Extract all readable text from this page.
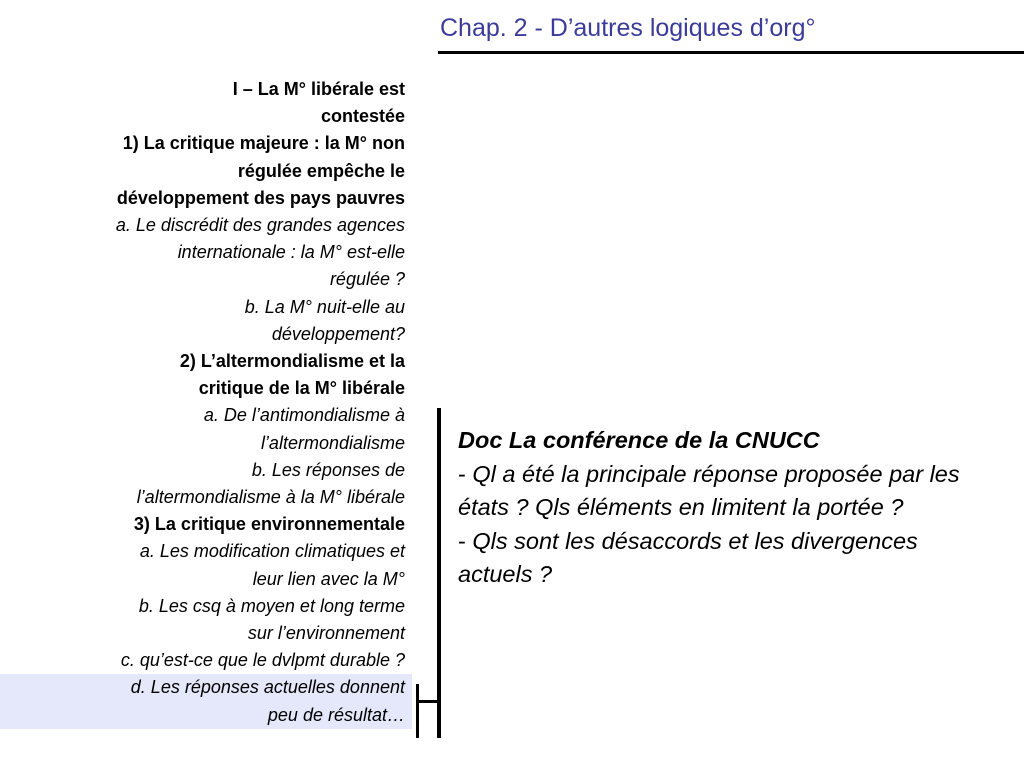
Chap. 2 - D’autres logiques d’org°
I – La M° libérale est
contestée
1) La critique majeure : la M° non
régulée empêche le
développement des pays pauvres
a. Le discrédit des grandes agences
internationale : la M° est-elle
régulée ?
b. La M° nuit-elle au
développement?
2) L’altermondialisme et la
critique de la M° libérale
a. De l’antimondialisme à
l’altermondialisme
b. Les réponses de
l’altermondialisme à la M° libérale
3) La critique environnementale
a. Les modification climatiques et
leur lien avec la M°
b. Les csq à moyen et long terme
sur l’environnement
c. qu’est-ce que le dvlpmt durable ?
d. Les réponses actuelles donnent
peu de résultat…
Doc La conférence de la CNUCC
- Ql a été la principale réponse proposée par les états ? Qls éléments en limitent la portée ?
- Qls sont les désaccords et les divergences actuels ?
